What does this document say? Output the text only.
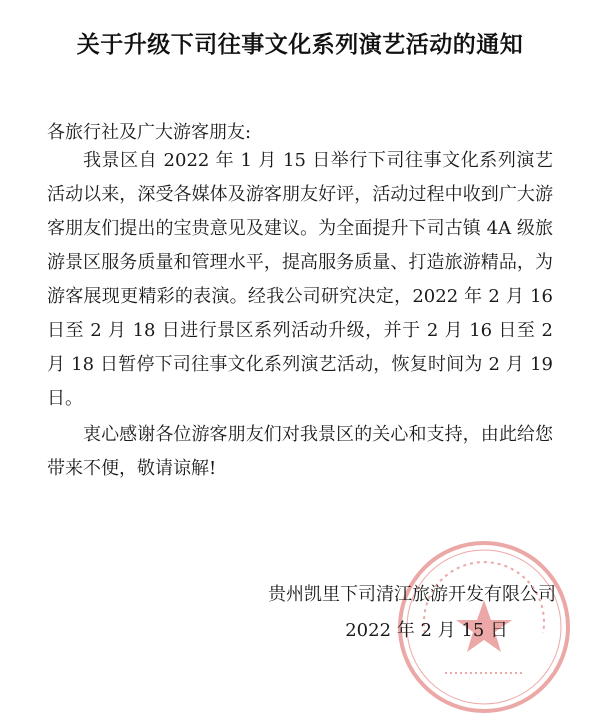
关于升级下司往事文化系列演艺活动的通知
各旅行社及广大游客朋友:
我景区自 2022 年 1 月 15 日举行下司往事文化系列演艺活动以来，深受各媒体及游客朋友好评，活动过程中收到广大游客朋友们提出的宝贵意见及建议。为全面提升下司古镇 4A 级旅游景区服务质量和管理水平，提高服务质量、打造旅游精品，为游客展现更精彩的表演。经我公司研究决定，2022 年 2 月 16 日至 2 月 18 日进行景区系列活动升级，并于 2 月 16 日至 2 月 18 日暂停下司往事文化系列演艺活动，恢复时间为 2 月 19 日。
衷心感谢各位游客朋友们对我景区的关心和支持，由此给您带来不便，敬请谅解!
贵州凯里下司清江旅游开发有限公司
2022 年 2 月 15 日
